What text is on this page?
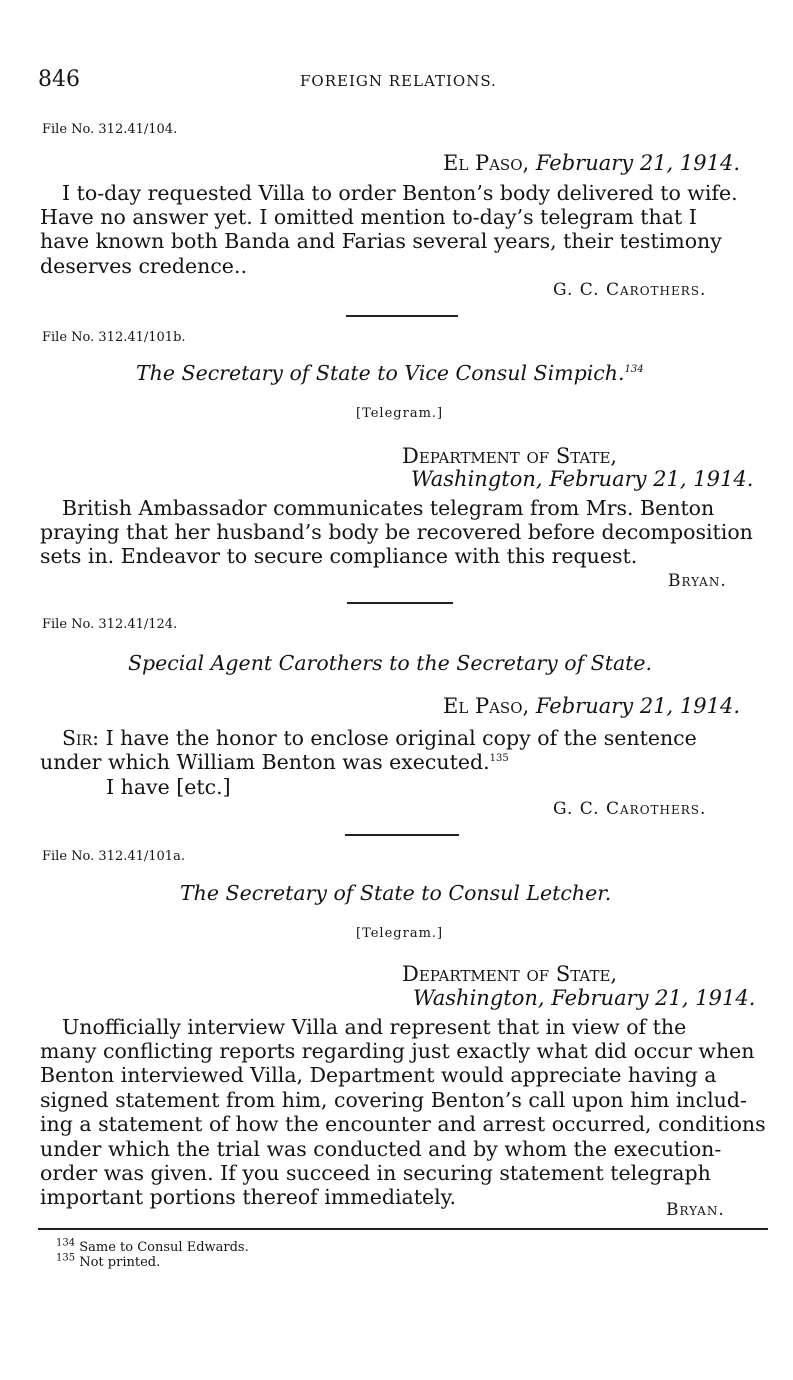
846	FOREIGN RELATIONS.
File No. 312.41/104.
El Paso, February 21, 1914.
I to-day requested Villa to order Benton’s body delivered to wife.
Have no answer yet. I omitted mention to-day’s telegram that I
have known both Banda and Farias several years, their testimony
deserves credence..
G. C. Carothers.
File No. 312.41/101b.
The Secretary of State to Vice Consul Simpich.$^{134}$
[Telegram.]
Department of State,
Washington, February 21, 1914.
British Ambassador communicates telegram from Mrs. Benton
praying that her husband’s body be recovered before decomposition
sets in. Endeavor to secure compliance with this request.
Bryan.
File No. 312.41/124.
Special Agent Carothers to the Secretary of State.
El Paso, February 21, 1914.
Sir: I have the honor to enclose original copy of the sentence
under which William Benton was executed.$^{135}$
I have [etc.]
G. C. Carothers.
File No. 312.41/101a.
The Secretary of State to Consul Letcher.
[Telegram.]
Department of State,
Washington, February 21, 1914.
Unofficially interview Villa and represent that in view of the
many conflicting reports regarding just exactly what did occur when
Benton interviewed Villa, Department would appreciate having a
signed statement from him, covering Benton’s call upon him includ-
ing a statement of how the encounter and arrest occurred, conditions
under which the trial was conducted and by whom the execution-
order was given. If you succeed in securing statement telegraph
important portions thereof immediately.
Bryan.
$^{134}$ Same to Consul Edwards.
$^{135}$ Not printed.
